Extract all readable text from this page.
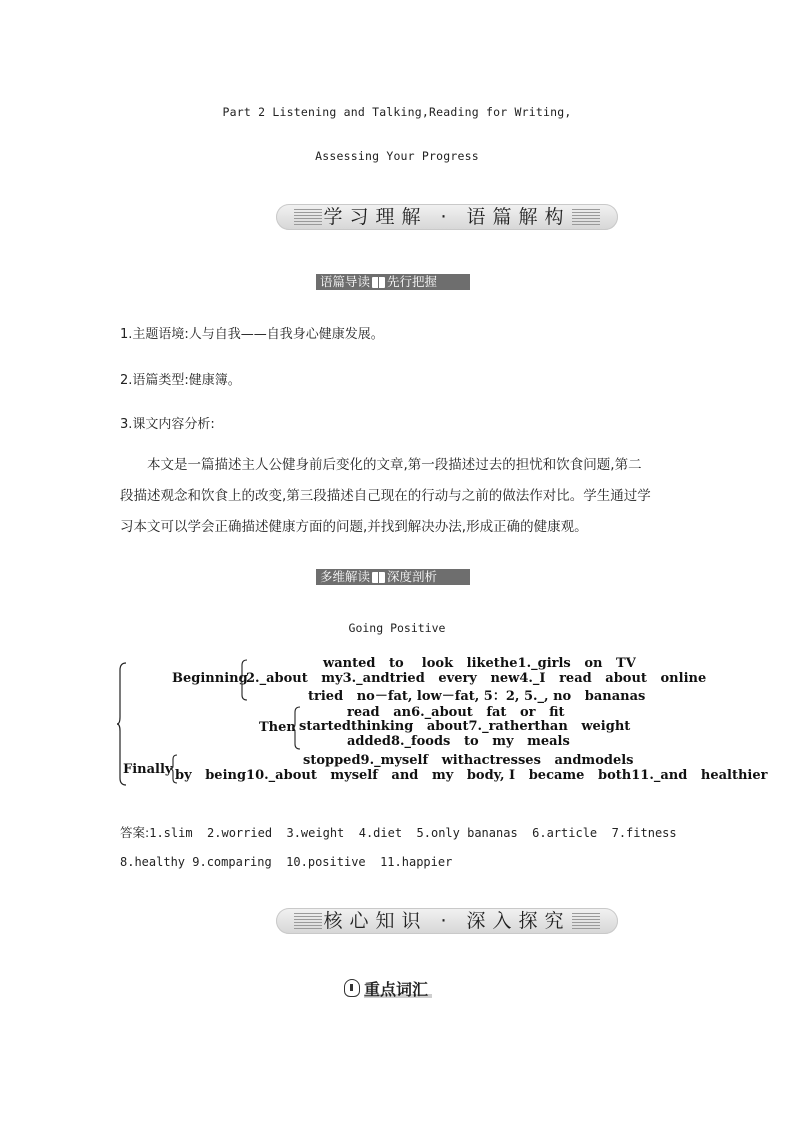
Part 2 Listening and Talking,Reading for Writing,
Assessing Your Progress
学习理解 · 语篇解构
语篇导读 先行把握
1.主题语境:人与自我——自我身心健康发展。
2.语篇类型:健康簿。
3.课文内容分析:
本文是一篇描述主人公健身前后变化的文章,第一段描述过去的担忧和饮食问题,第二
段描述观念和饮食上的改变,第三段描述自己现在的行动与之前的做法作对比。学生通过学
习本文可以学会正确描述健康方面的问题,并找到解决办法,形成正确的健康观。
多维解读 深度剖析
Going Positive
Beginning
wanted   to    look   likethe1._girls   on   TV
2._about   my3._andtried   every   new4._I   read   about   online
tried   no－fat, low－fat, 5：2, 5._, no   bananas
Then
read   an6._about   fat   or   fit
startedthinking   about7._ratherthan   weight
added8._foods   to   my   meals
Finally
stopped9._myself   withactresses   andmodels
by   being10._about   myself   and   my   body, I   became   both11._and   healthier
答案:1.slim  2.worried  3.weight  4.diet  5.only bananas  6.article  7.fitness
8.healthy 9.comparing  10.positive  11.happier
核心知识 · 深入探究
重点词汇
